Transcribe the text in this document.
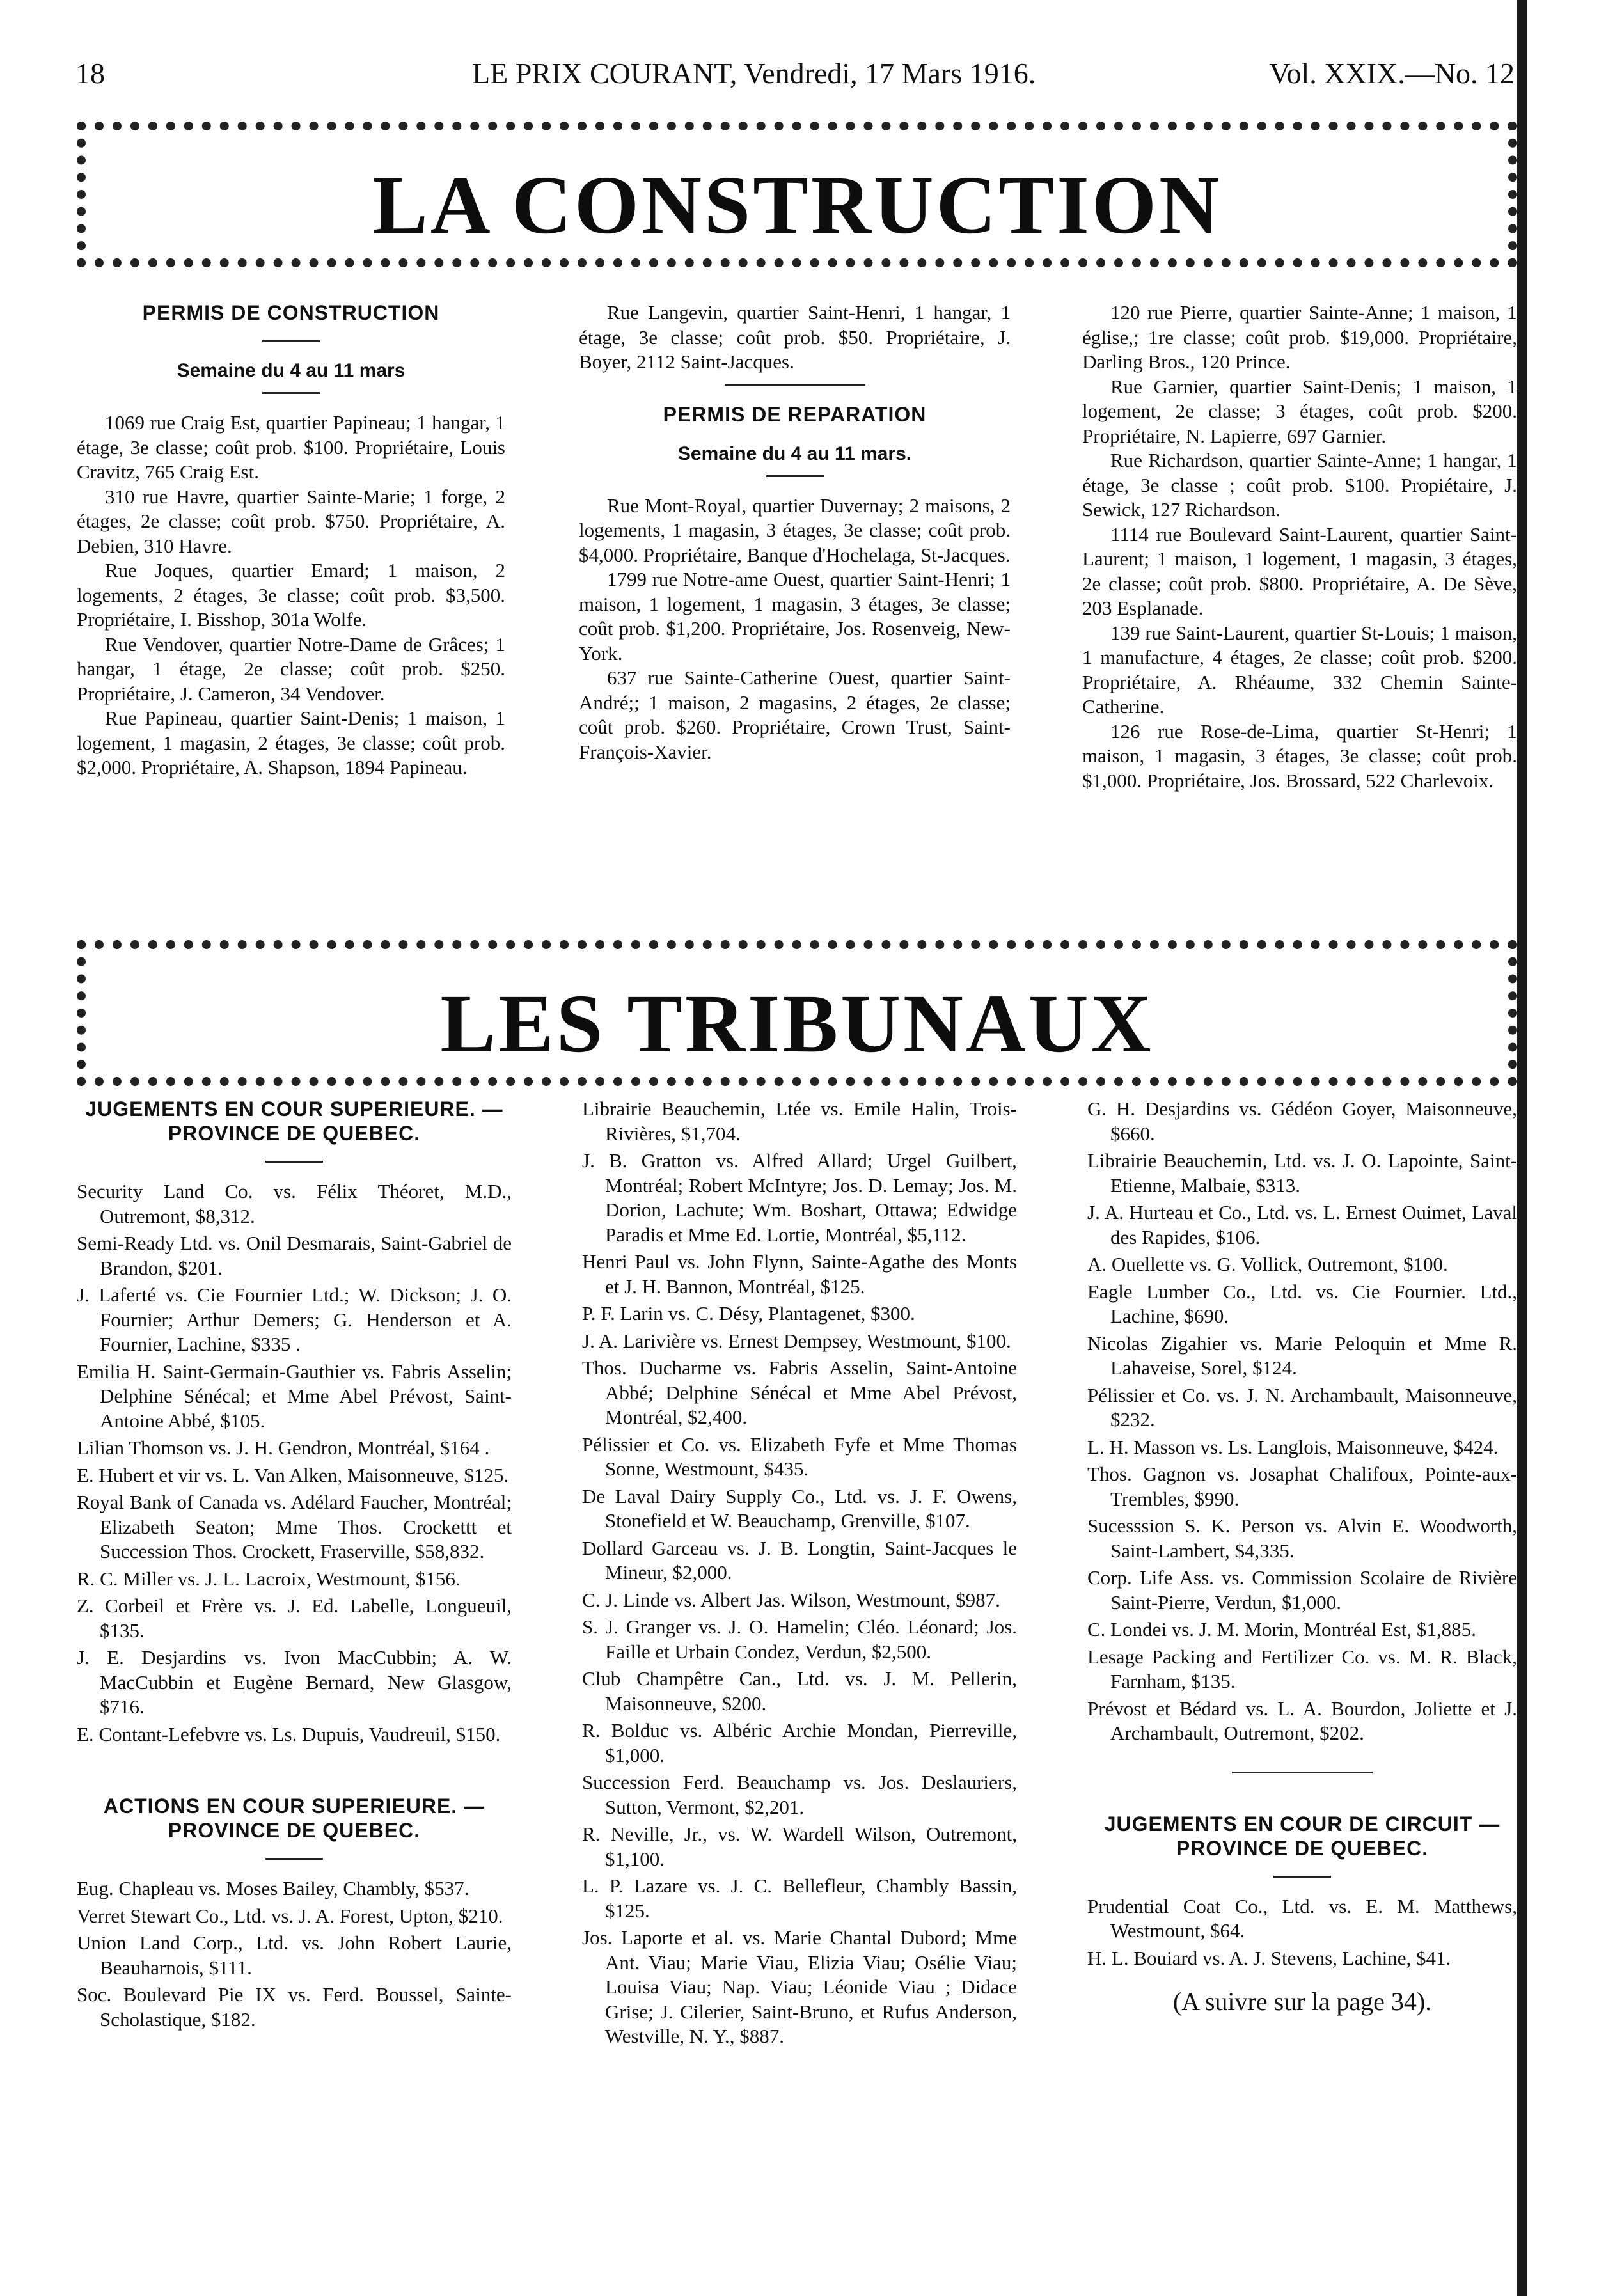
18	LE PRIX COURANT, Vendredi, 17 Mars 1916.	Vol. XXIX.—No. 12
LA CONSTRUCTION
PERMIS DE CONSTRUCTION
Semaine du 4 au 11 mars

1069 rue Craig Est, quartier Papineau; 1 hangar, 1 étage, 3e classe; coût prob. $100. Propriétaire, Louis Cravitz, 765 Craig Est.

310 rue Havre, quartier Sainte-Marie; 1 forge, 2 étages, 2e classe; coût prob. $750. Propriétaire, A. Debien, 310 Havre.

Rue Joques, quartier Emard; 1 maison, 2 logements, 2 étages, 3e classe; coût prob. $3,500. Propriétaire, I. Bisshop, 301a Wolfe.

Rue Vendover, quartier Notre-Dame de Grâces; 1 hangar, 1 étage, 2e classe; coût prob. $250. Propriétaire, J. Cameron, 34 Vendover.

Rue Papineau, quartier Saint-Denis; 1 maison, 1 logement, 1 magasin, 2 étages, 3e classe; coût prob. $2,000. Propriétaire, A. Shapson, 1894 Papineau.

Rue Langevin, quartier Saint-Henri, 1 hangar, 1 étage, 3e classe; coût prob. $50. Propriétaire, J. Boyer, 2112 Saint-Jacques.

PERMIS DE REPARATION
Semaine du 4 au 11 mars.

Rue Mont-Royal, quartier Duvernay; 2 maisons, 2 logements, 1 magasin, 3 étages, 3e classe; coût prob. $4,000. Propriétaire, Banque d'Hochelaga, St-Jacques.

1799 rue Notre-ame Ouest, quartier Saint-Henri; 1 maison, 1 logement, 1 magasin, 3 étages, 3e classe; coût prob. $1,200. Propriétaire, Jos. Rosenveig, New-York.

637 rue Sainte-Catherine Ouest, quartier Saint-André;; 1 maison, 2 magasins, 2 étages, 2e classe; coût prob. $260. Propriétaire, Crown Trust, Saint-François-Xavier.

120 rue Pierre, quartier Sainte-Anne; 1 maison, 1 église,; 1re classe; coût prob. $19,000. Propriétaire, Darling Bros., 120 Prince.

Rue Garnier, quartier Saint-Denis; 1 maison, 1 logement, 2e classe; 3 étages, coût prob. $200. Propriétaire, N. Lapierre, 697 Garnier.

Rue Richardson, quartier Sainte-Anne; 1 hangar, 1 étage, 3e classe ; coût prob. $100. Propiétaire, J. Sewick, 127 Richardson.

1114 rue Boulevard Saint-Laurent, quartier Saint-Laurent; 1 maison, 1 logement, 1 magasin, 3 étages, 2e classe; coût prob. $800. Propriétaire, A. De Sève, 203 Esplanade.

139 rue Saint-Laurent, quartier St-Louis; 1 maison, 1 manufacture, 4 étages, 2e classe; coût prob. $200. Propriétaire, A. Rhéaume, 332 Chemin Sainte-Catherine.

126 rue Rose-de-Lima, quartier St-Henri; 1 maison, 1 magasin, 3 étages, 3e classe; coût prob. $1,000. Propriétaire, Jos. Brossard, 522 Charlevoix.

LES TRIBUNAUX
JUGEMENTS EN COUR SUPERIEURE. — PROVINCE DE QUEBEC.

Security Land Co. vs. Félix Théoret, M.D., Outremont, $8,312.

Semi-Ready Ltd. vs. Onil Desmarais, Saint-Gabriel de Brandon, $201.

J. Laferté vs. Cie Fournier Ltd.; W. Dickson; J. O. Fournier; Arthur Demers; G. Henderson et A. Fournier, Lachine, $335 .

Emilia H. Saint-Germain-Gauthier vs. Fabris Asselin; Delphine Sénécal; et Mme Abel Prévost, Saint-Antoine Abbé, $105.

Lilian Thomson vs. J. H. Gendron, Montréal, $164 .

E. Hubert et vir vs. L. Van Alken, Maisonneuve, $125.

Royal Bank of Canada vs. Adélard Faucher, Montréal; Elizabeth Seaton; Mme Thos. Crockettt et Succession Thos. Crockett, Fraserville, $58,832.

R. C. Miller vs. J. L. Lacroix, Westmount, $156.

Z. Corbeil et Frère vs. J. Ed. Labelle, Longueuil, $135.

J. E. Desjardins vs. Ivon MacCubbin; A. W. MacCubbin et Eugène Bernard, New Glasgow, $716.

E. Contant-Lefebvre vs. Ls. Dupuis, Vaudreuil, $150.

ACTIONS EN COUR SUPERIEURE. — PROVINCE DE QUEBEC.

Eug. Chapleau vs. Moses Bailey, Chambly, $537.

Verret Stewart Co., Ltd. vs. J. A. Forest, Upton, $210.

Union Land Corp., Ltd. vs. John Robert Laurie, Beauharnois, $111.

Soc. Boulevard Pie IX vs. Ferd. Boussel, Sainte-Scholastique, $182.

Librairie Beauchemin, Ltée vs. Emile Halin, Trois-Rivières, $1,704.

J. B. Gratton vs. Alfred Allard; Urgel Guilbert, Montréal; Robert McIntyre; Jos. D. Lemay; Jos. M. Dorion, Lachute; Wm. Boshart, Ottawa; Edwidge Paradis et Mme Ed. Lortie, Montréal, $5,112.

Henri Paul vs. John Flynn, Sainte-Agathe des Monts et J. H. Bannon, Montréal, $125.

P. F. Larin vs. C. Désy, Plantagenet, $300.

J. A. Larivière vs. Ernest Dempsey, Westmount, $100.

Thos. Ducharme vs. Fabris Asselin, Saint-Antoine Abbé; Delphine Sénécal et Mme Abel Prévost, Montréal, $2,400.

Pélissier et Co. vs. Elizabeth Fyfe et Mme Thomas Sonne, Westmount, $435.

De Laval Dairy Supply Co., Ltd. vs. J. F. Owens, Stonefield et W. Beauchamp, Grenville, $107.

Dollard Garceau vs. J. B. Longtin, Saint-Jacques le Mineur, $2,000.

C. J. Linde vs. Albert Jas. Wilson, Westmount, $987.

S. J. Granger vs. J. O. Hamelin; Cléo. Léonard; Jos. Faille et Urbain Condez, Verdun, $2,500.

Club Champêtre Can., Ltd. vs. J. M. Pellerin, Maisonneuve, $200.

R. Bolduc vs. Albéric Archie Mondan, Pierreville, $1,000.

Succession Ferd. Beauchamp vs. Jos. Deslauriers, Sutton, Vermont, $2,201.

R. Neville, Jr., vs. W. Wardell Wilson, Outremont, $1,100.

L. P. Lazare vs. J. C. Bellefleur, Chambly Bassin, $125.

Jos. Laporte et al. vs. Marie Chantal Dubord; Mme Ant. Viau; Marie Viau, Elizia Viau; Osélie Viau; Louisa Viau; Nap. Viau; Léonide Viau ; Didace Grise; J. Cilerier, Saint-Bruno, et Rufus Anderson, Westville, N. Y., $887.

G. H. Desjardins vs. Gédéon Goyer, Maisonneuve, $660.

Librairie Beauchemin, Ltd. vs. J. O. Lapointe, Saint-Etienne, Malbaie, $313.

J. A. Hurteau et Co., Ltd. vs. L. Ernest Ouimet, Laval des Rapides, $106.

A. Ouellette vs. G. Vollick, Outremont, $100.

Eagle Lumber Co., Ltd. vs. Cie Fournier. Ltd., Lachine, $690.

Nicolas Zigahier vs. Marie Peloquin et Mme R. Lahaveise, Sorel, $124.

Pélissier et Co. vs. J. N. Archambault, Maisonneuve, $232.

L. H. Masson vs. Ls. Langlois, Maisonneuve, $424.

Thos. Gagnon vs. Josaphat Chalifoux, Pointe-aux-Trembles, $990.

Sucesssion S. K. Person vs. Alvin E. Woodworth, Saint-Lambert, $4,335.

Corp. Life Ass. vs. Commission Scolaire de Rivière Saint-Pierre, Verdun, $1,000.

C. Londei vs. J. M. Morin, Montréal Est, $1,885.

Lesage Packing and Fertilizer Co. vs. M. R. Black, Farnham, $135.

Prévost et Bédard vs. L. A. Bourdon, Joliette et J. Archambault, Outremont, $202.

JUGEMENTS EN COUR DE CIRCUIT — PROVINCE DE QUEBEC.

Prudential Coat Co., Ltd. vs. E. M. Matthews, Westmount, $64.

H. L. Bouiard vs. A. J. Stevens, Lachine, $41.

(A suivre sur la page 34).
